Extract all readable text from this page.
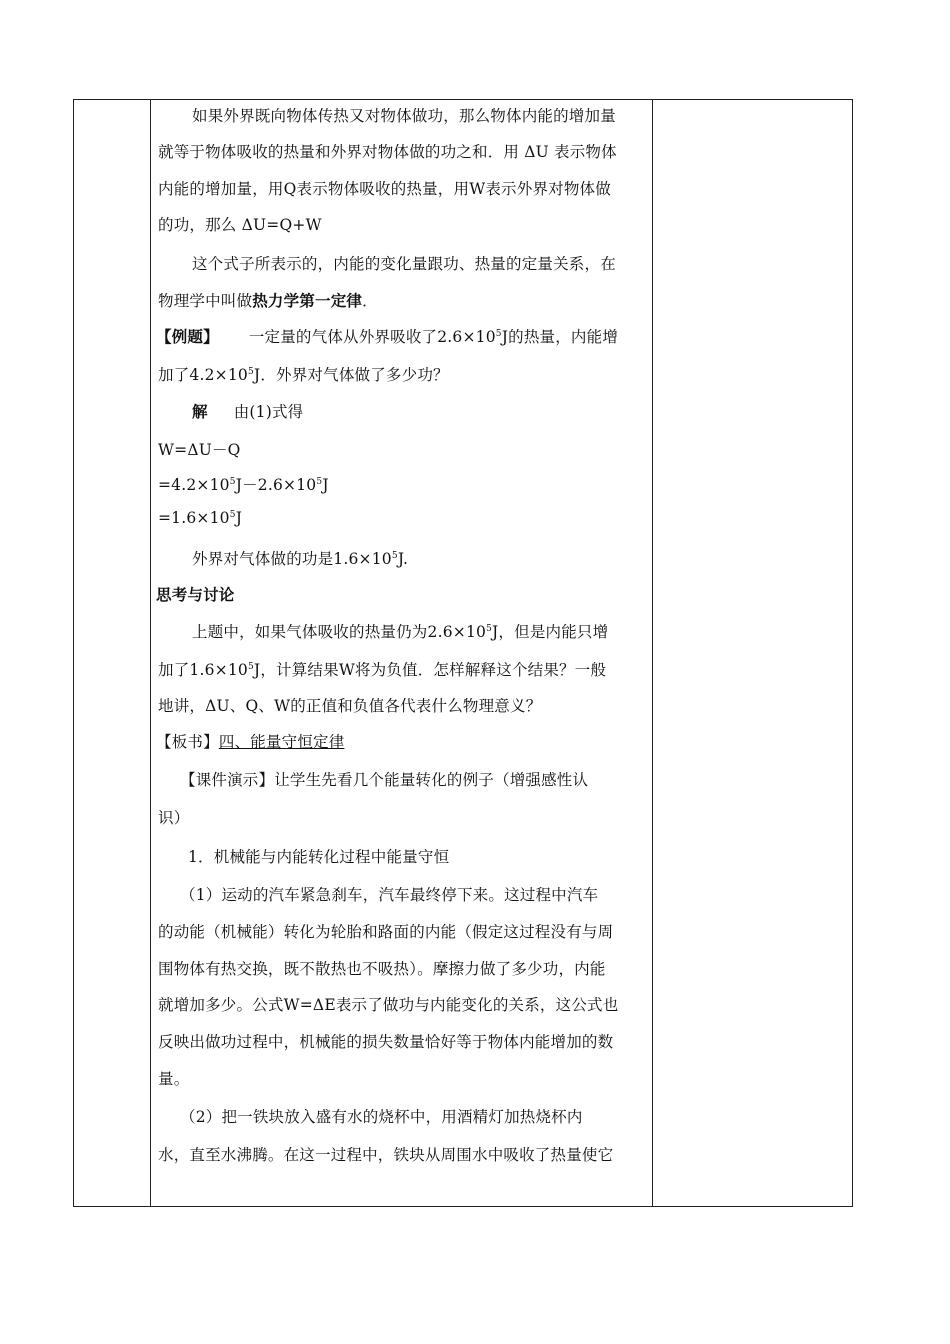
如果外界既向物体传热又对物体做功，那么物体内能的增加量
就等于物体吸收的热量和外界对物体做的功之和．用 ΔU 表示物体
内能的增加量，用Q表示物体吸收的热量，用W表示外界对物体做
的功，那么 ΔU=Q+W
这个式子所表示的，内能的变化量跟功、热量的定量关系，在
物理学中叫做热力学第一定律．
【例题】 一定量的气体从外界吸收了$2.6\times 10^5J$的热量，内能增
加了$4.2\times 10^5J$．外界对气体做了多少功？
解 由(1)式得
W=ΔU－Q
$=4.2\times 10^5J-2.6\times 10^5J$
$=1.6\times 10^5J$
外界对气体做的功是$1.6\times 10^5J$.
思考与讨论
上题中，如果气体吸收的热量仍为$2.6\times 10^5J$，但是内能只增
加了$1.6\times 10^5J$，计算结果W将为负值．怎样解释这个结果？一般
地讲，ΔU、Q、W的正值和负值各代表什么物理意义？
【板书】四、能量守恒定律
【课件演示】让学生先看几个能量转化的例子（增强感性认
识）
1．机械能与内能转化过程中能量守恒
（1）运动的汽车紧急刹车，汽车最终停下来。这过程中汽车
的动能（机械能）转化为轮胎和路面的内能（假定这过程没有与周
围物体有热交换，既不散热也不吸热）。摩擦力做了多少功，内能
就增加多少。公式W=ΔE表示了做功与内能变化的关系，这公式也
反映出做功过程中，机械能的损失数量恰好等于物体内能增加的数
量。
（2）把一铁块放入盛有水的烧杯中，用酒精灯加热烧杯内
水，直至水沸腾。在这一过程中，铁块从周围水中吸收了热量使它
